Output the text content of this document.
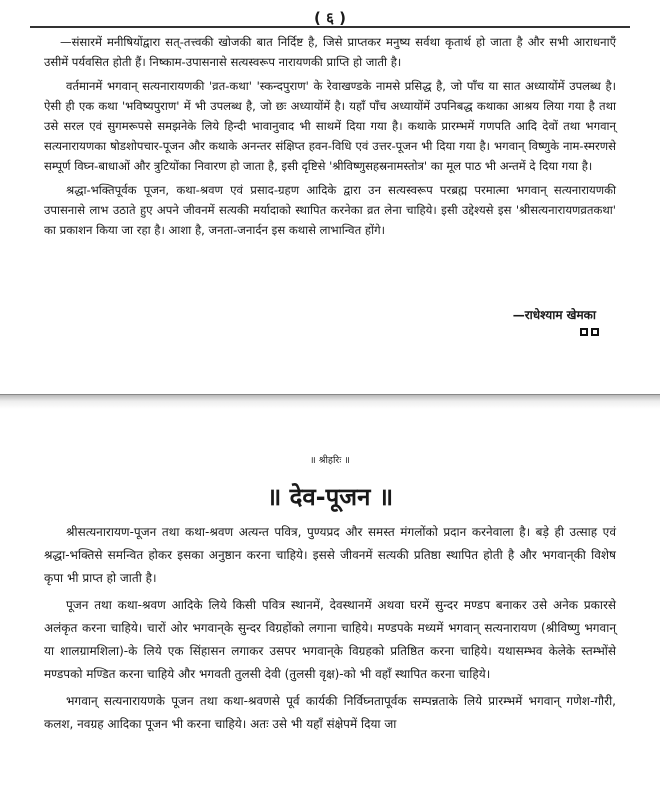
( ६ )

—संसारमें मनीषियोंद्वारा सत्-तत्त्वकी खोजकी बात निर्दिष्ट है, जिसे प्राप्तकर मनुष्य सर्वथा कृतार्थ हो जाता है और सभी आराधनाएँ उसीमें पर्यवसित होती हैं। निष्काम-उपासनासे सत्यस्वरूप नारायणकी प्राप्ति हो जाती है।

वर्तमानमें भगवान् सत्यनारायणकी 'व्रत-कथा' 'स्कन्दपुराण' के रेवाखण्डके नामसे प्रसिद्ध है, जो पाँच या सात अध्यायोंमें उपलब्ध है। ऐसी ही एक कथा 'भविष्यपुराण' में भी उपलब्ध है, जो छः अध्यायोंमें है। यहाँ पाँच अध्यायोंमें उपनिबद्ध कथाका आश्रय लिया गया है तथा उसे सरल एवं सुगमरूपसे समझनेके लिये हिन्दी भावानुवाद भी साथमें दिया गया है। कथाके प्रारम्भमें गणपति आदि देवों तथा भगवान् सत्यनारायणका षोडशोपचार-पूजन और कथाके अनन्तर संक्षिप्त हवन-विधि एवं उत्तर-पूजन भी दिया गया है। भगवान् विष्णुके नाम-स्मरणसे सम्पूर्ण विघ्न-बाधाओं और त्रुटियोंका निवारण हो जाता है, इसी दृष्टिसे 'श्रीविष्णुसहस्रनामस्तोत्र' का मूल पाठ भी अन्तमें दे दिया गया है।

श्रद्धा-भक्तिपूर्वक पूजन, कथा-श्रवण एवं प्रसाद-ग्रहण आदिके द्वारा उन सत्यस्वरूप परब्रह्म परमात्मा भगवान् सत्यनारायणकी उपासनासे लाभ उठाते हुए अपने जीवनमें सत्यकी मर्यादाको स्थापित करनेका व्रत लेना चाहिये। इसी उद्देश्यसे इस 'श्रीसत्यनारायणव्रतकथा' का प्रकाशन किया जा रहा है। आशा है, जनता-जनार्दन इस कथासे लाभान्वित होंगे।

—राधेश्याम खेमका
॥ श्रीहरिः ॥
॥ देव-पूजन ॥

श्रीसत्यनारायण-पूजन तथा कथा-श्रवण अत्यन्त पवित्र, पुण्यप्रद और समस्त मंगलोंको प्रदान करनेवाला है। बड़े ही उत्साह एवं श्रद्धा-भक्तिसे समन्वित होकर इसका अनुष्ठान करना चाहिये। इससे जीवनमें सत्यकी प्रतिष्ठा स्थापित होती है और भगवान्‌की विशेष कृपा भी प्राप्त हो जाती है।

पूजन तथा कथा-श्रवण आदिके लिये किसी पवित्र स्थानमें, देवस्थानमें अथवा घरमें सुन्दर मण्डप बनाकर उसे अनेक प्रकारसे अलंकृत करना चाहिये। चारों ओर भगवान्‌के सुन्दर विग्रहोंको लगाना चाहिये। मण्डपके मध्यमें भगवान् सत्यनारायण (श्रीविष्णु भगवान् या शालग्रामशिला)-के लिये एक सिंहासन लगाकर उसपर भगवान्‌के विग्रहको प्रतिष्ठित करना चाहिये। यथासम्भव केलेके स्तम्भोंसे मण्डपको मण्डित करना चाहिये और भगवती तुलसी देवी (तुलसी वृक्ष)-को भी वहाँ स्थापित करना चाहिये।

भगवान् सत्यनारायणके पूजन तथा कथा-श्रवणसे पूर्व कार्यकी निर्विघ्नतापूर्वक सम्पन्नताके लिये प्रारम्भमें भगवान् गणेश-गौरी, कलश, नवग्रह आदिका पूजन भी करना चाहिये। अतः उसे भी यहाँ संक्षेपमें दिया जा
